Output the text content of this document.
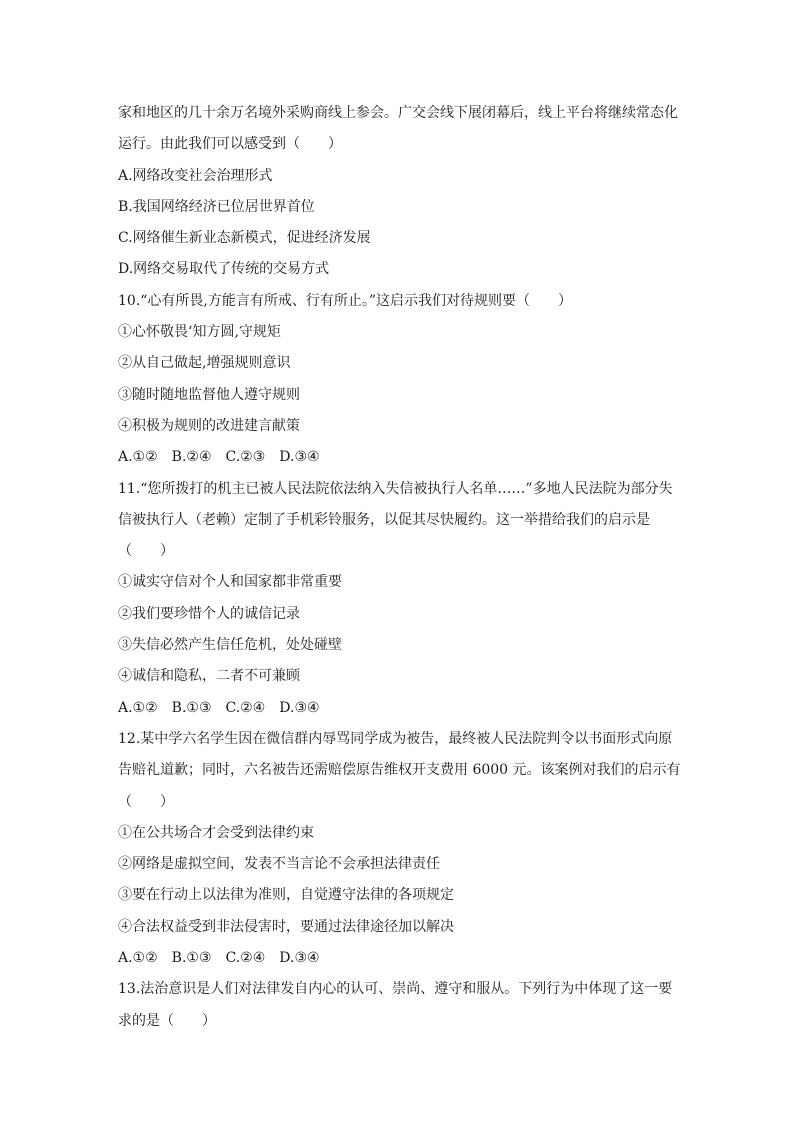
家和地区的几十余万名境外采购商线上参会。广交会线下展闭幕后，线上平台将继续常态化
运行。由此我们可以感受到（　　）
A.网络改变社会治理形式
B.我国网络经济已位居世界首位
C.网络催生新业态新模式，促进经济发展
D.网络交易取代了传统的交易方式
10.“心有所畏,方能言有所戒、行有所止。”这启示我们对待规则要（　　）
①心怀敬畏‘知方圆,守规矩
②从自己做起,增强规则意识
③随时随地监督他人遵守规则
④积极为规则的改进建言献策
A.①②　B.②④　C.②③　D.③④
11.“您所拨打的机主已被人民法院依法纳入失信被执行人名单……”多地人民法院为部分失
信被执行人（老赖）定制了手机彩铃服务，以促其尽快履约。这一举措给我们的启示是
（　　）
①诚实守信对个人和国家都非常重要
②我们要珍惜个人的诚信记录
③失信必然产生信任危机，处处碰壁
④诚信和隐私，二者不可兼顾
A.①②　B.①③　C.②④　D.③④
12.某中学六名学生因在微信群内辱骂同学成为被告，最终被人民法院判令以书面形式向原
告赔礼道歉；同时，六名被告还需赔偿原告维权开支费用 6000 元。该案例对我们的启示有
（　　）
①在公共场合才会受到法律约束
②网络是虚拟空间，发表不当言论不会承担法律责任
③要在行动上以法律为准则，自觉遵守法律的各项规定
④合法权益受到非法侵害时，要通过法律途径加以解决
A.①②　B.①③　C.②④　D.③④
13.法治意识是人们对法律发自内心的认可、崇尚、遵守和服从。下列行为中体现了这一要
求的是（　　）
